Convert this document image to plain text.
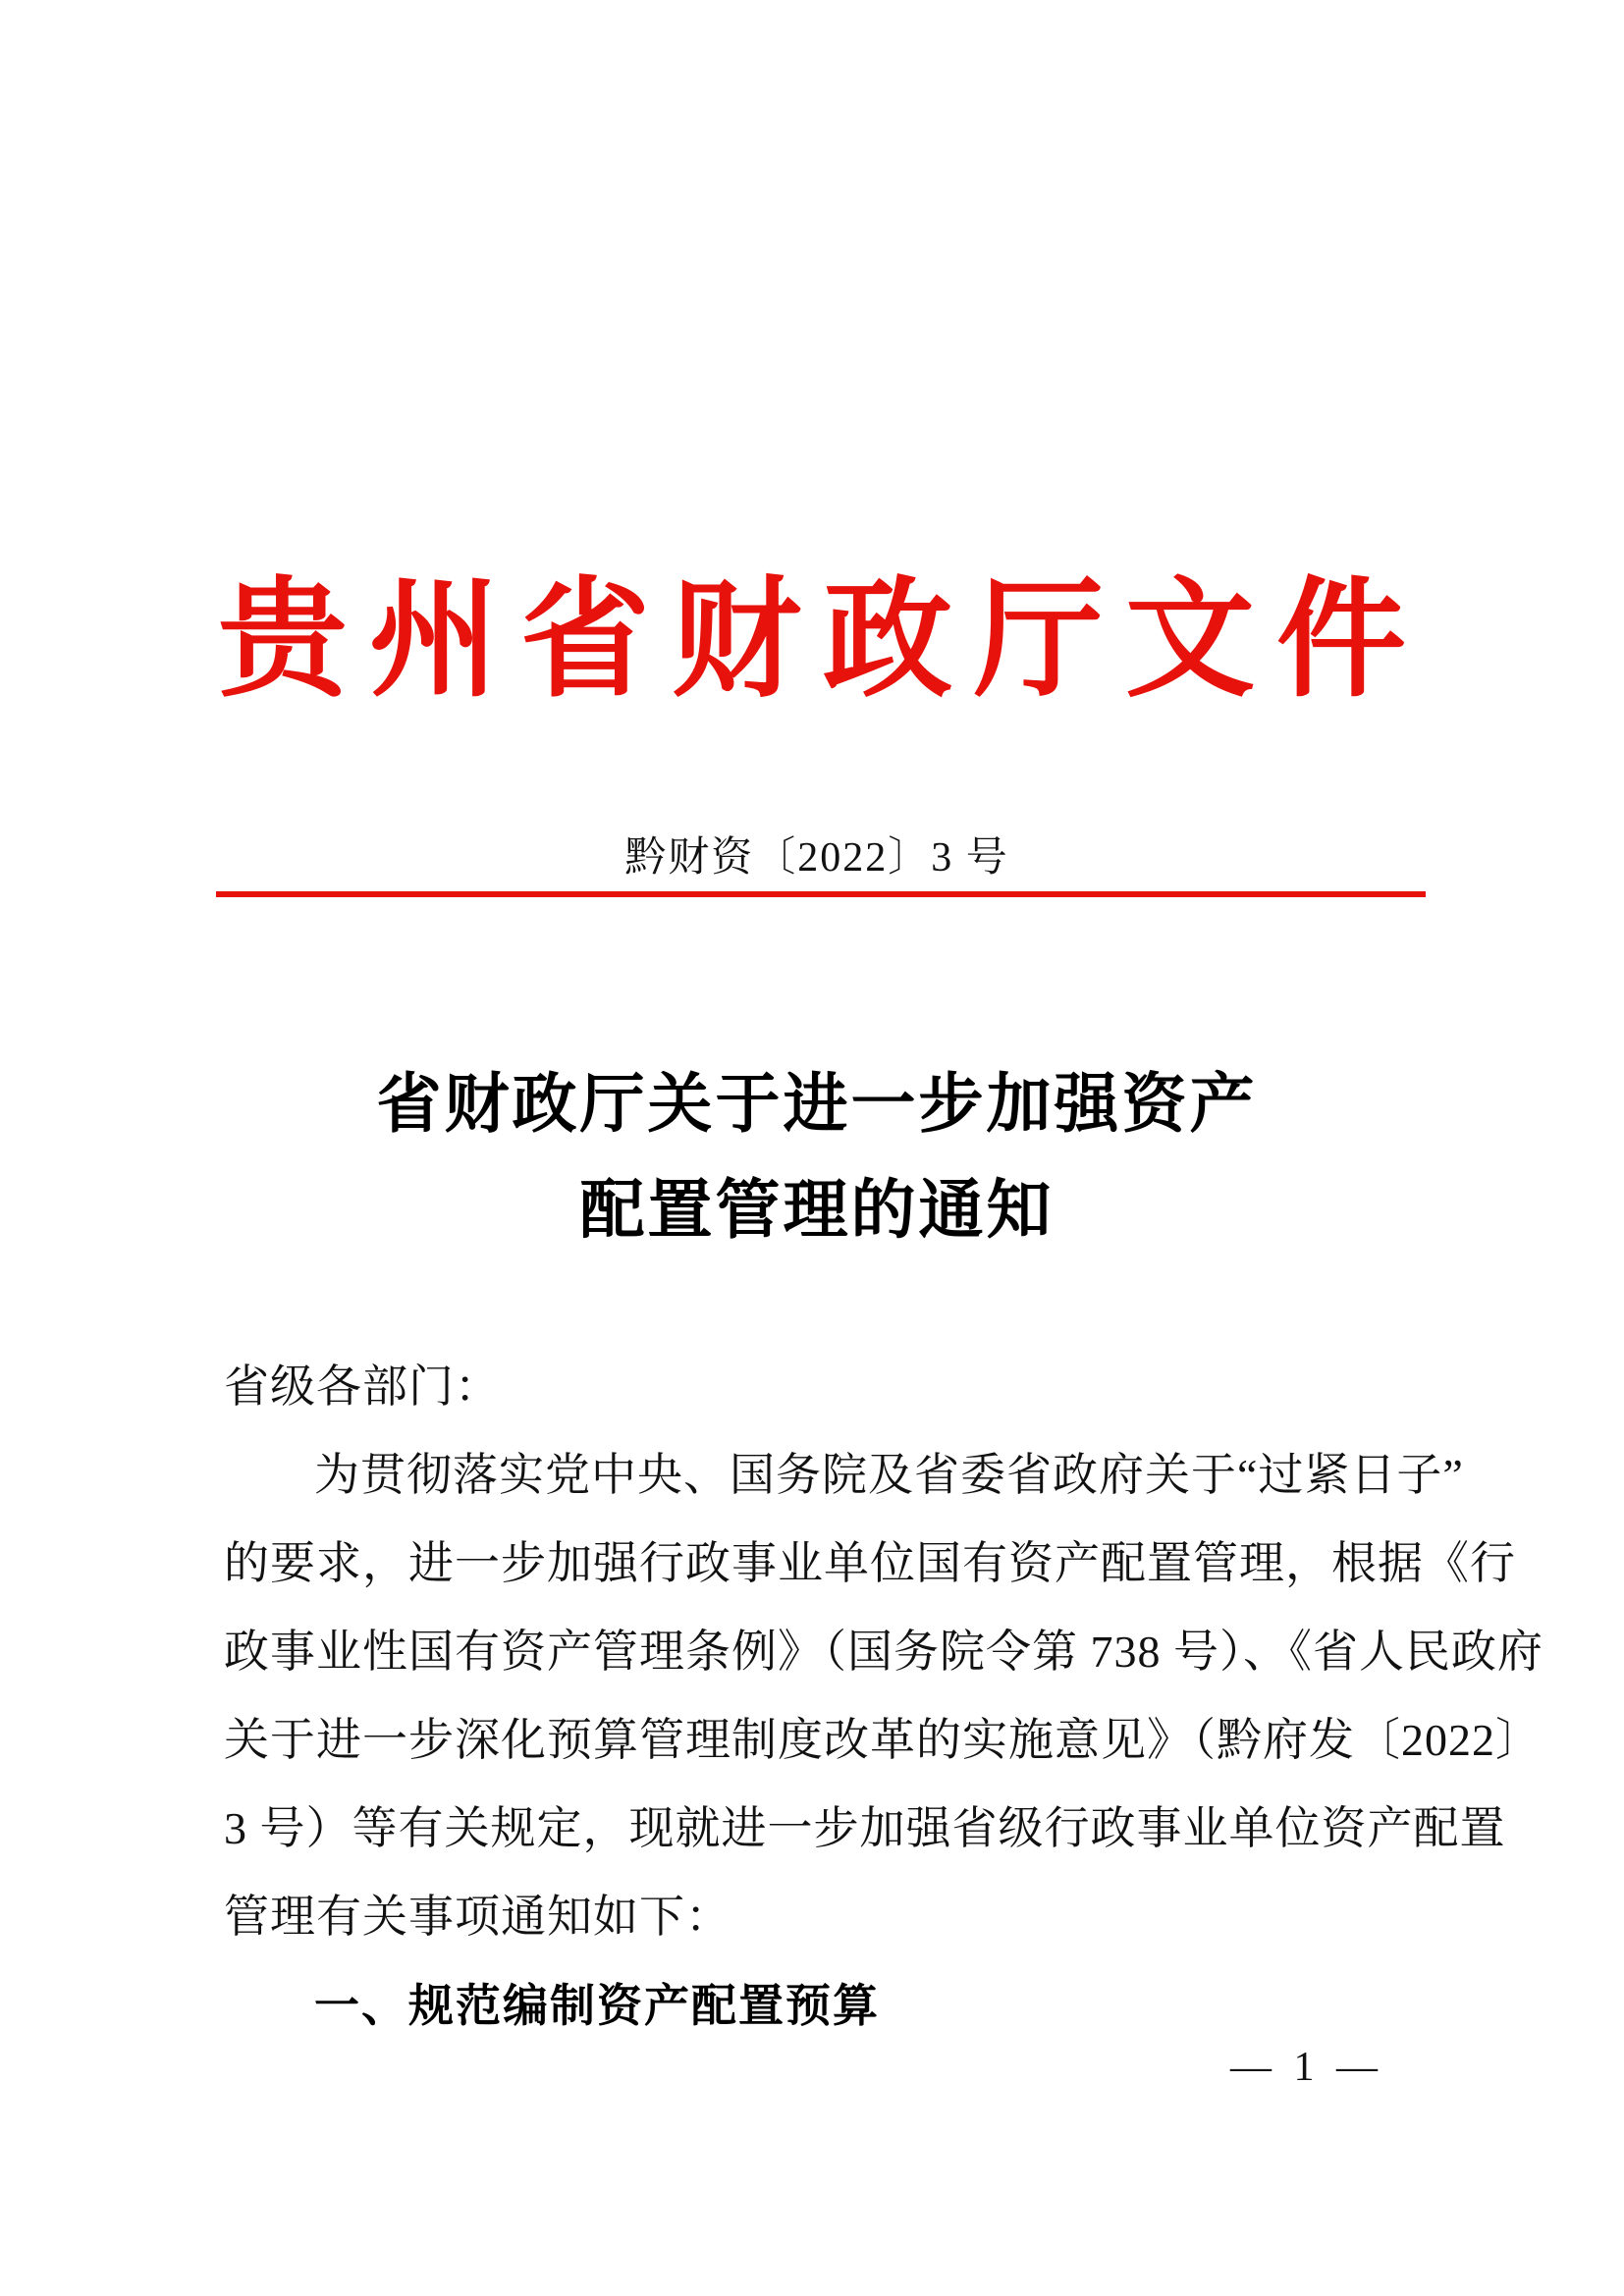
贵州省财政厅文件
黔财资〔2022〕3 号
省财政厅关于进一步加强资产
配置管理的通知
省级各部门：
为贯彻落实党中央、国务院及省委省政府关于“过紧日子”
的要求，进一步加强行政事业单位国有资产配置管理，根据《行
政事业性国有资产管理条例》（国务院令第 738 号）、《省人民政府
关于进一步深化预算管理制度改革的实施意见》（黔府发〔2022〕
3 号）等有关规定，现就进一步加强省级行政事业单位资产配置
管理有关事项通知如下：
一、规范编制资产配置预算
— 1 —
